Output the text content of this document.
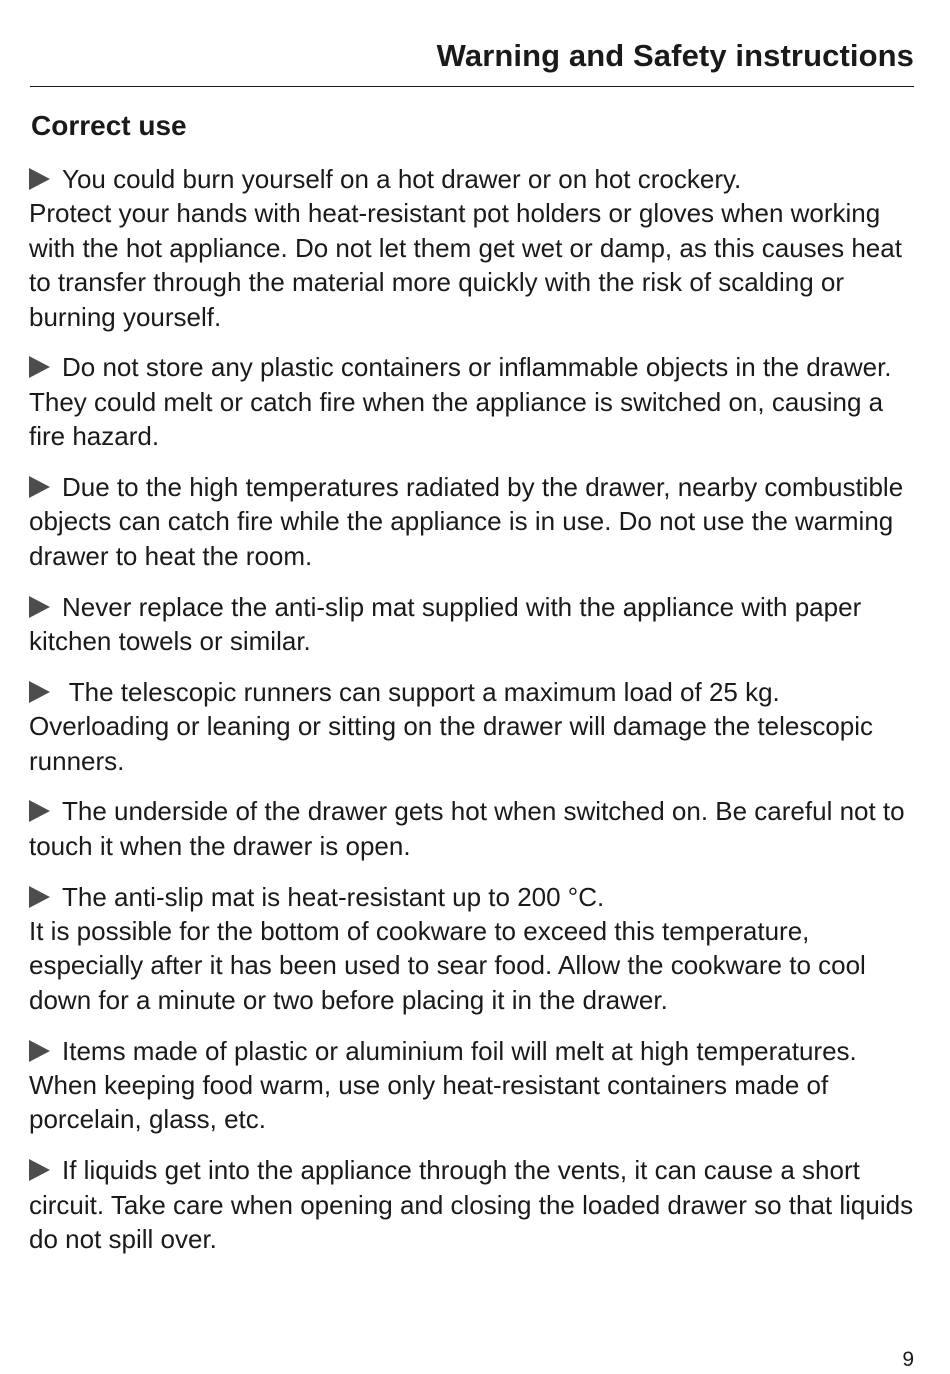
Warning and Safety instructions
Correct use

You could burn yourself on a hot drawer or on hot crockery.
Protect your hands with heat-resistant pot holders or gloves when working with the hot appliance. Do not let them get wet or damp, as this causes heat to transfer through the material more quickly with the risk of scalding or burning yourself.

Do not store any plastic containers or inflammable objects in the drawer. They could melt or catch fire when the appliance is switched on, causing a fire hazard.

Due to the high temperatures radiated by the drawer, nearby combustible objects can catch fire while the appliance is in use. Do not use the warming drawer to heat the room.

Never replace the anti-slip mat supplied with the appliance with paper kitchen towels or similar.

The telescopic runners can support a maximum load of 25 kg.
Overloading or leaning or sitting on the drawer will damage the telescopic runners.

The underside of the drawer gets hot when switched on. Be careful not to touch it when the drawer is open.

The anti-slip mat is heat-resistant up to 200 °C.
It is possible for the bottom of cookware to exceed this temperature, especially after it has been used to sear food. Allow the cookware to cool down for a minute or two before placing it in the drawer.

Items made of plastic or aluminium foil will melt at high temperatures. When keeping food warm, use only heat-resistant containers made of porcelain, glass, etc.

If liquids get into the appliance through the vents, it can cause a short circuit. Take care when opening and closing the loaded drawer so that liquids do not spill over.

9
